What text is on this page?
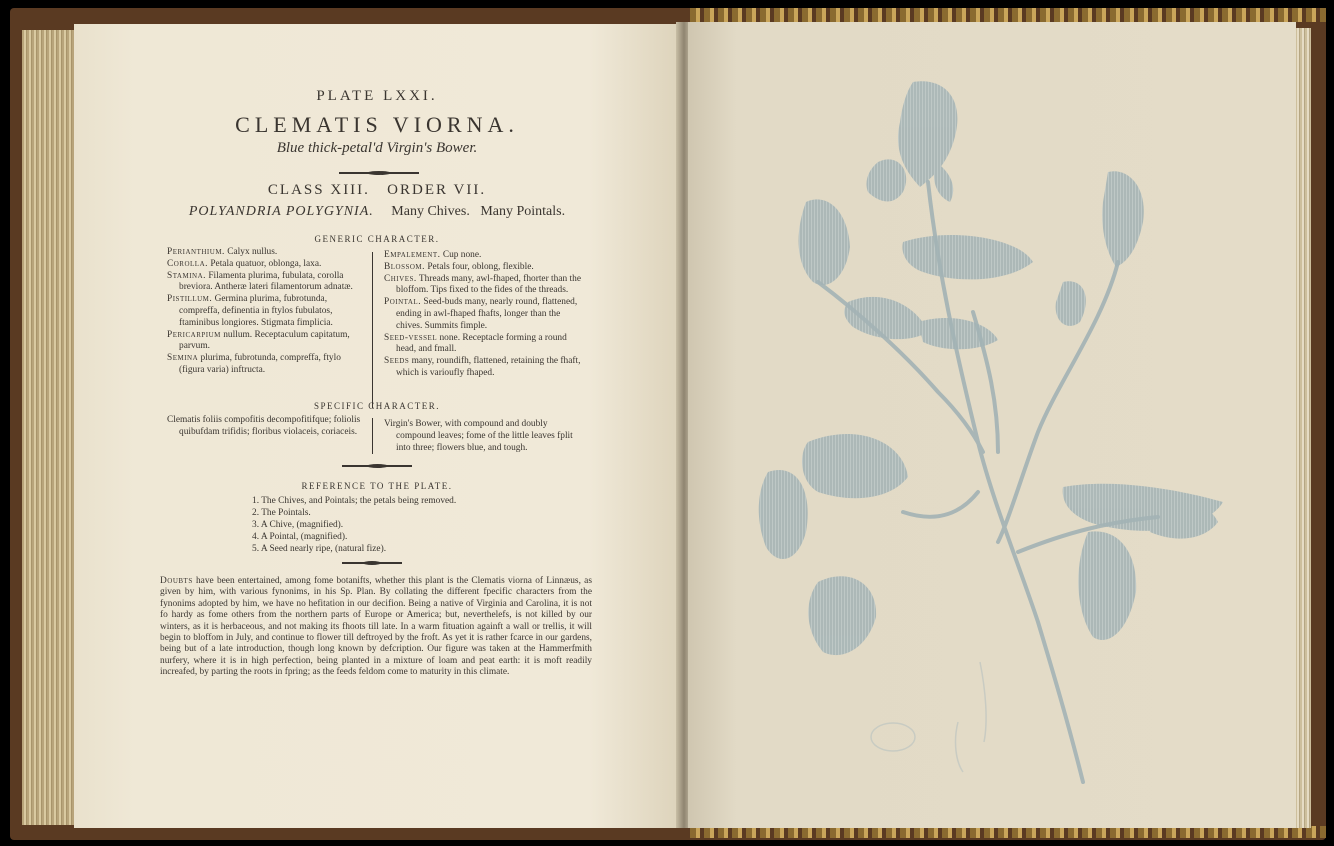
PLATE LXXI.

CLEMATIS VIORNA.

Blue thick-petal'd Virgin's Bower.

CLASS XIII.   ORDER VII.

POLYANDRIA POLYGYNIA. Many Chives.   Many Pointals.

GENERIC CHARACTER.

Perianthium. Calyx nullus.

Corolla. Petala quatuor, oblonga, laxa.

Stamina. Filamenta plurima, fubulata, corolla breviora. Antheræ lateri filamentorum adnatæ.

Pistillum. Germina plurima, fubrotunda, compreffa, definentia in ftylos fubulatos, ftaminibus longiores. Stigmata fimplicia.

Pericarpium nullum. Receptaculum capitatum, parvum.

Semina plurima, fubrotunda, compreffa, ftylo (figura varia) inftructa.

Empalement. Cup none.

Blossom. Petals four, oblong, flexible.

Chives. Threads many, awl-fhaped, fhorter than the bloffom. Tips fixed to the fides of the threads.

Pointal. Seed-buds many, nearly round, flattened, ending in awl-fhaped fhafts, longer than the chives. Summits fimple.

Seed-vessel none. Receptacle forming a round head, and fmall.

Seeds many, roundifh, flattened, retaining the fhaft, which is varioufly fhaped.

SPECIFIC CHARACTER.

Clematis foliis compofitis decompofitifque; foliolis quibufdam trifidis; floribus violaceis, coriaceis.

Virgin's Bower, with compound and doubly compound leaves; fome of the little leaves fplit into three; flowers blue, and tough.

REFERENCE TO THE PLATE.

1. The Chives, and Pointals; the petals being removed.
2. The Pointals.
3. A Chive, (magnified).
4. A Pointal, (magnified).
5. A Seed nearly ripe, (natural fize).
Doubts have been entertained, among fome botanifts, whether this plant is the Clematis viorna of Linnæus, as given by him, with various fynonims, in his Sp. Plan. By collating the different fpecific characters from the fynonims adopted by him, we have no hefitation in our decifion. Being a native of Virginia and Carolina, it is not fo hardy as fome others from the northern parts of Europe or America; but, neverthelefs, is not killed by our winters, as it is herbaceous, and not making its fhoots till late. In a warm fituation againft a wall or trellis, it will begin to bloffom in July, and continue to flower till deftroyed by the froft. As yet it is rather fcarce in our gardens, being but of a late introduction, though long known by defcription. Our figure was taken at the Hammerfmith nurfery, where it is in high perfection, being planted in a mixture of loam and peat earth: it is moft readily increafed, by parting the roots in fpring; as the feeds feldom come to maturity in this climate.
